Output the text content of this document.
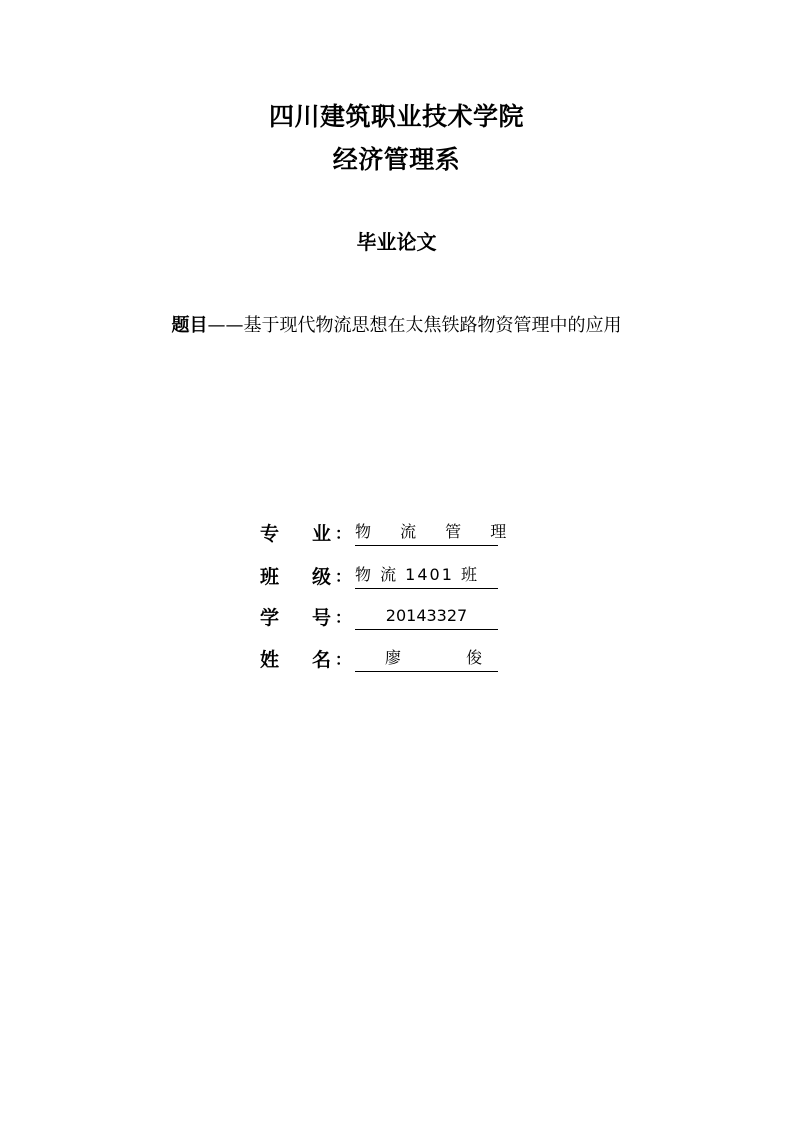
四川建筑职业技术学院
经济管理系
毕业论文
题目——基于现代物流思想在太焦铁路物资管理中的应用
专 业 ： 物 流 管 理
班 级 ： 物 流 1401 班
学 号 ：	20143327
姓 名 ：	廖 俊
